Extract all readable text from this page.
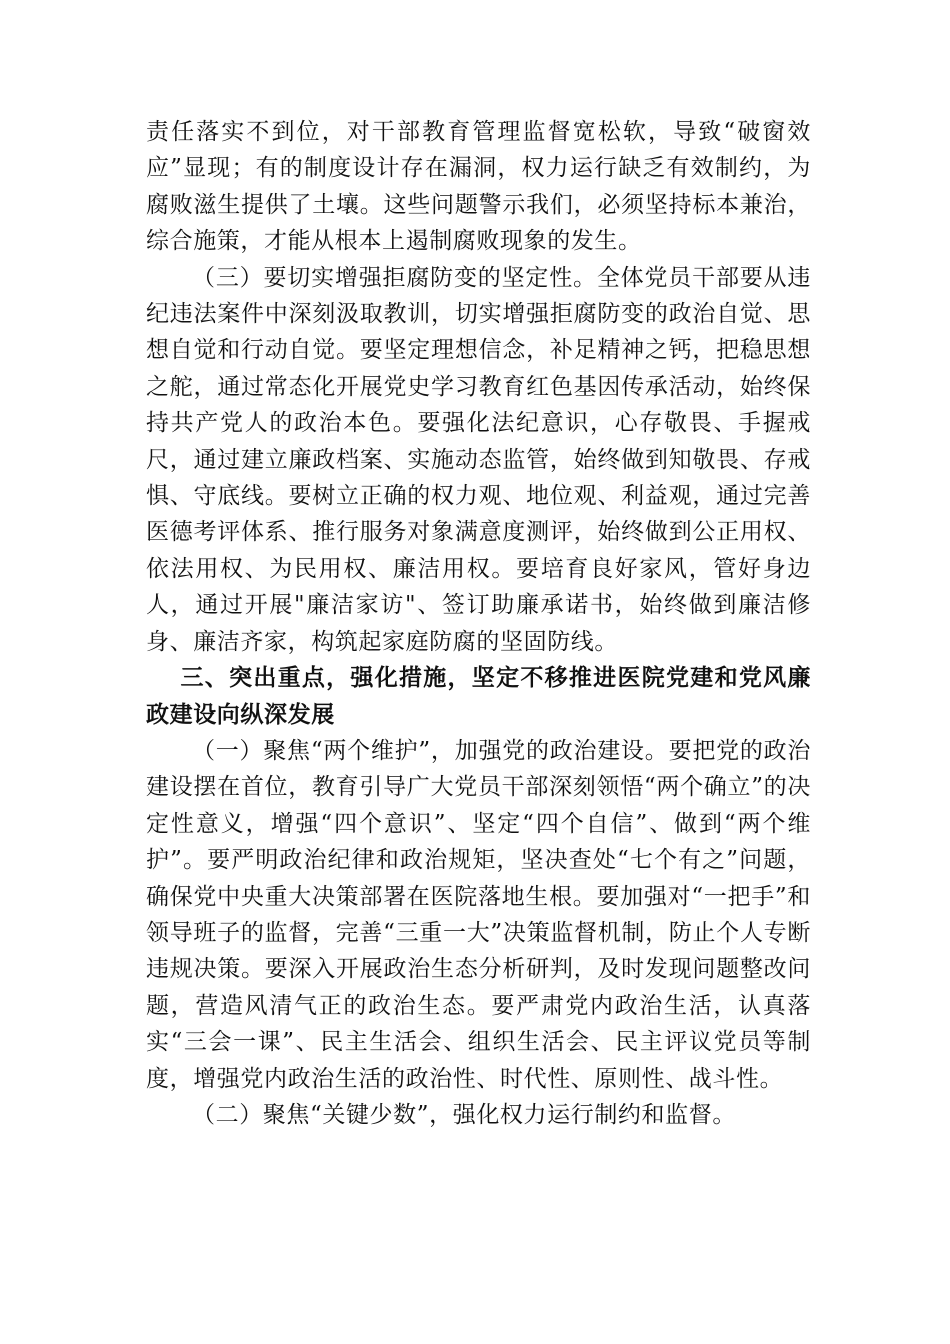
责任落实不到位，对干部教育管理监督宽松软，导致“破窗效应”显现；有的制度设计存在漏洞，权力运行缺乏有效制约，为腐败滋生提供了土壤。这些问题警示我们，必须坚持标本兼治，综合施策，才能从根本上遏制腐败现象的发生。

（三）要切实增强拒腐防变的坚定性。全体党员干部要从违纪违法案件中深刻汲取教训，切实增强拒腐防变的政治自觉、思想自觉和行动自觉。要坚定理想信念，补足精神之钙，把稳思想之舵，通过常态化开展党史学习教育红色基因传承活动，始终保持共产党人的政治本色。要强化法纪意识，心存敬畏、手握戒尺，通过建立廉政档案、实施动态监管，始终做到知敬畏、存戒惧、守底线。要树立正确的权力观、地位观、利益观，通过完善医德考评体系、推行服务对象满意度测评，始终做到公正用权、依法用权、为民用权、廉洁用权。要培育良好家风，管好身边人，通过开展"廉洁家访"、签订助廉承诺书，始终做到廉洁修身、廉洁齐家，构筑起家庭防腐的坚固防线。

三、突出重点，强化措施，坚定不移推进医院党建和党风廉政建设向纵深发展

（一）聚焦“两个维护”，加强党的政治建设。要把党的政治建设摆在首位，教育引导广大党员干部深刻领悟“两个确立”的决定性意义，增强“四个意识”、坚定“四个自信”、做到“两个维护”。要严明政治纪律和政治规矩，坚决查处“七个有之”问题，确保党中央重大决策部署在医院落地生根。要加强对“一把手”和领导班子的监督，完善“三重一大”决策监督机制，防止个人专断违规决策。要深入开展政治生态分析研判，及时发现问题整改问题，营造风清气正的政治生态。要严肃党内政治生活，认真落实“三会一课”、民主生活会、组织生活会、民主评议党员等制度，增强党内政治生活的政治性、时代性、原则性、战斗性。

（二）聚焦“关键少数”，强化权力运行制约和监督。
